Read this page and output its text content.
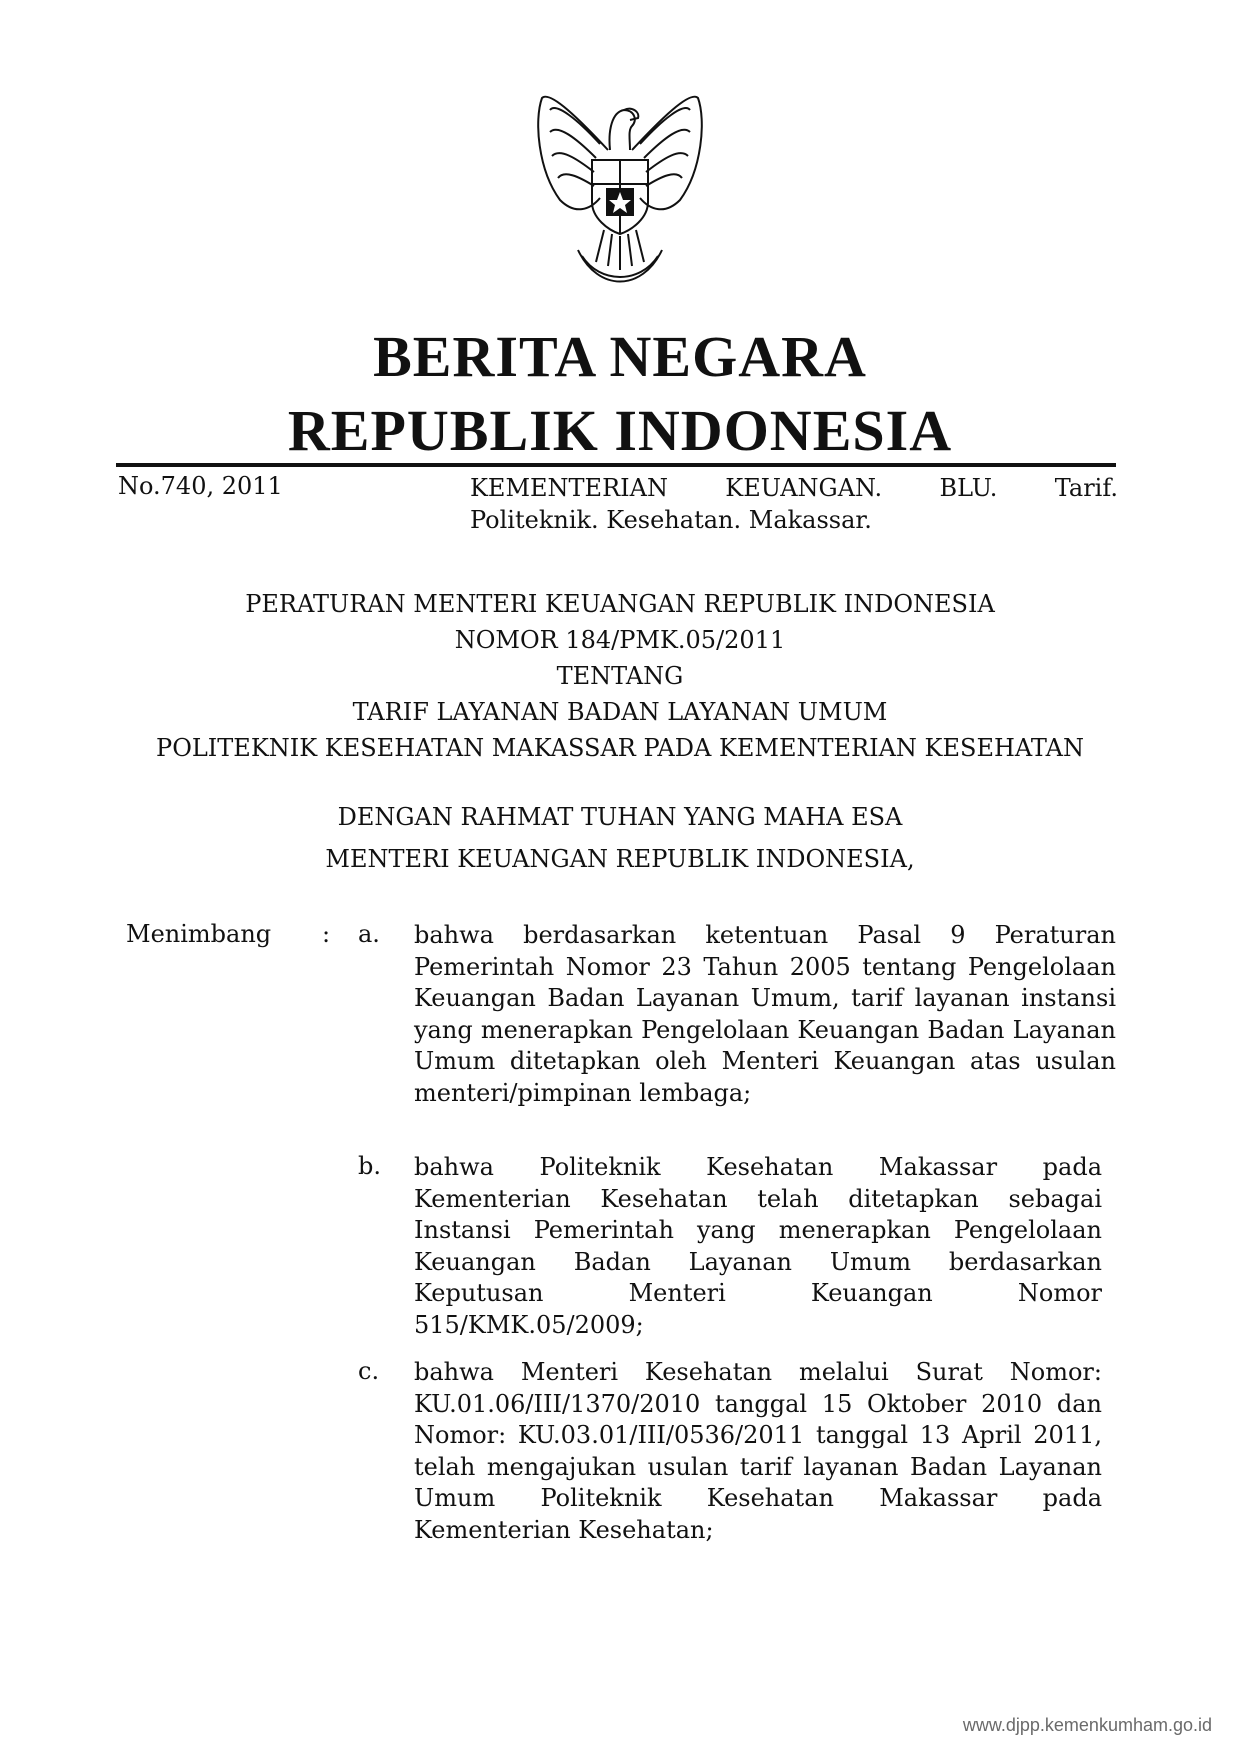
BERITA NEGARA
REPUBLIK INDONESIA
No.740, 2011	KEMENTERIAN KEUANGAN. BLU. Tarif.
Politeknik. Kesehatan. Makassar.
PERATURAN MENTERI KEUANGAN REPUBLIK INDONESIA
NOMOR 184/PMK.05/2011
TENTANG
TARIF LAYANAN BADAN LAYANAN UMUM
POLITEKNIK KESEHATAN MAKASSAR PADA KEMENTERIAN KESEHATAN
DENGAN RAHMAT TUHAN YANG MAHA ESA
MENTERI KEUANGAN REPUBLIK INDONESIA,
Menimbang : a. bahwa berdasarkan ketentuan Pasal 9 Peraturan Pemerintah Nomor 23 Tahun 2005 tentang Pengelolaan Keuangan Badan Layanan Umum, tarif layanan instansi yang menerapkan Pengelolaan Keuangan Badan Layanan Umum ditetapkan oleh Menteri Keuangan atas usulan menteri/pimpinan lembaga;
b. bahwa Politeknik Kesehatan Makassar pada Kementerian Kesehatan telah ditetapkan sebagai Instansi Pemerintah yang menerapkan Pengelolaan Keuangan Badan Layanan Umum berdasarkan Keputusan Menteri Keuangan Nomor 515/KMK.05/2009;
c. bahwa Menteri Kesehatan melalui Surat Nomor: KU.01.06/III/1370/2010 tanggal 15 Oktober 2010 dan Nomor: KU.03.01/III/0536/2011 tanggal 13 April 2011, telah mengajukan usulan tarif layanan Badan Layanan Umum Politeknik Kesehatan Makassar pada Kementerian Kesehatan;
www.djpp.kemenkumham.go.id
